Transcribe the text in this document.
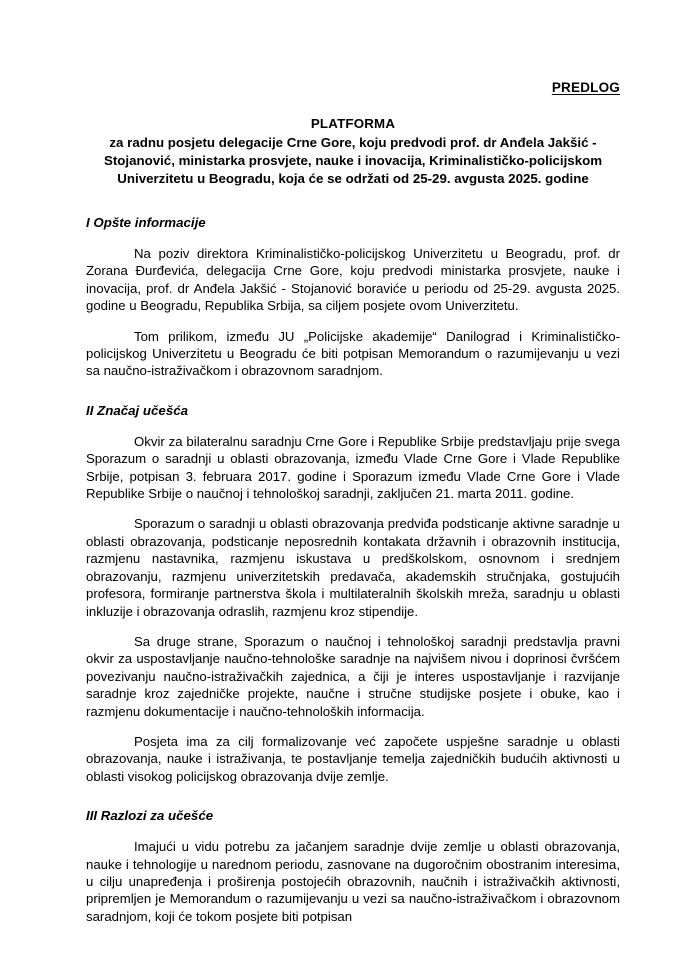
PREDLOG
PLATFORMA
za radnu posjetu delegacije Crne Gore, koju predvodi prof. dr Anđela Jakšić - Stojanović, ministarka prosvjete, nauke i inovacija, Kriminalističko-policijskom Univerzitetu u Beogradu, koja će se održati od 25-29. avgusta 2025. godine
I Opšte informacije

Na poziv direktora Kriminalističko-policijskog Univerzitetu u Beogradu, prof. dr Zorana Đurđevića, delegacija Crne Gore, koju predvodi ministarka prosvjete, nauke i inovacija, prof. dr Anđela Jakšić - Stojanović boraviće u periodu od 25-29. avgusta 2025. godine u Beogradu, Republika Srbija, sa ciljem posjete ovom Univerzitetu.

Tom prilikom, između JU „Policijske akademije“ Danilograd i Kriminalističko-policijskog Univerzitetu u Beogradu će biti potpisan Memorandum o razumijevanju u vezi sa naučno-istraživačkom i obrazovnom saradnjom.

II Značaj učešća

Okvir za bilateralnu saradnju Crne Gore i Republike Srbije predstavljaju prije svega Sporazum o saradnji u oblasti obrazovanja, između Vlade Crne Gore i Vlade Republike Srbije, potpisan 3. februara 2017. godine i Sporazum između Vlade Crne Gore i Vlade Republike Srbije o naučnoj i tehnološkoj saradnji, zaključen 21. marta 2011. godine.

Sporazum o saradnji u oblasti obrazovanja predviđa podsticanje aktivne saradnje u oblasti obrazovanja, podsticanje neposrednih kontakata državnih i obrazovnih institucija, razmjenu nastavnika, razmjenu iskustava u predškolskom, osnovnom i srednjem obrazovanju, razmjenu univerzitetskih predavača, akademskih stručnjaka, gostujućih profesora, formiranje partnerstva škola i multilateralnih školskih mreža, saradnju u oblasti inkluzije i obrazovanja odraslih, razmjenu kroz stipendije.

Sa druge strane, Sporazum o naučnoj i tehnološkoj saradnji predstavlja pravni okvir za uspostavljanje naučno-tehnološke saradnje na najvišem nivou i doprinosi čvršćem povezivanju naučno-istraživačkih zajednica, a čiji je interes uspostavljanje i razvijanje saradnje kroz zajedničke projekte, naučne i stručne studijske posjete i obuke, kao i razmjenu dokumentacije i naučno-tehnoloških informacija.

Posjeta ima za cilj formalizovanje već započete uspješne saradnje u oblasti obrazovanja, nauke i istraživanja, te postavljanje temelja zajedničkih budućih aktivnosti u oblasti visokog policijskog obrazovanja dvije zemlje.

III Razlozi za učešće

Imajući u vidu potrebu za jačanjem saradnje dvije zemlje u oblasti obrazovanja, nauke i tehnologije u narednom periodu, zasnovane na dugoročnim obostranim interesima, u cilju unapređenja i proširenja postojećih obrazovnih, naučnih i istraživačkih aktivnosti, pripremljen je Memorandum o razumijevanju u vezi sa naučno-istraživačkom i obrazovnom saradnjom, koji će tokom posjete biti potpisan
